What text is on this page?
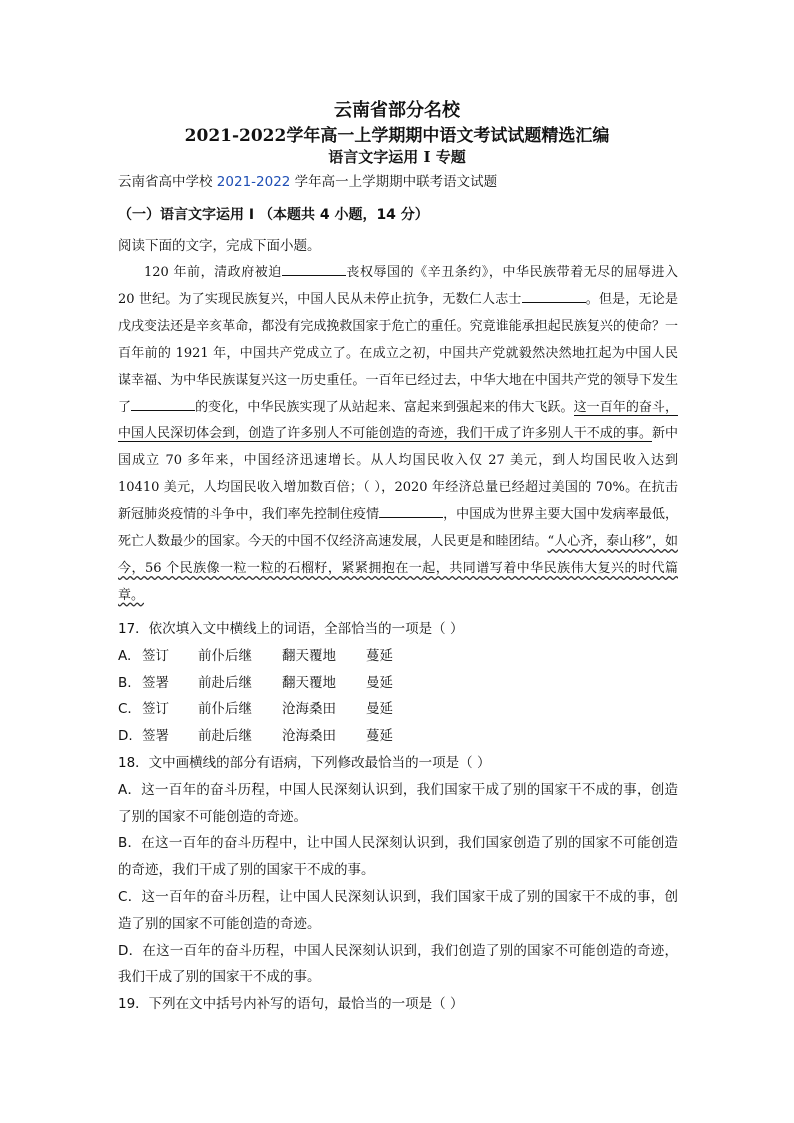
云南省部分名校
2021-2022学年高一上学期期中语文考试试题精选汇编
语言文字运用 I 专题
云南省高中学校 2021-2022 学年高一上学期期中联考语文试题
（一）语言文字运用 I （本题共 4 小题，14 分）
阅读下面的文字，完成下面小题。

120 年前，清政府被迫	丧权辱国的《辛丑条约》，中华民族带着无尽的屈辱进入 20 世纪。为了实现民族复兴，中国人民从未停止抗争，无数仁人志士	。但是，无论是戊戌变法还是辛亥革命，都没有完成挽救国家于危亡的重任。究竟谁能承担起民族复兴的使命？一百年前的 1921 年，中国共产党成立了。在成立之初，中国共产党就毅然决然地扛起为中国人民谋幸福、为中华民族谋复兴这一历史重任。一百年已经过去，中华大地在中国共产党的领导下发生了	的变化，中华民族实现了从站起来、富起来到强起来的伟大飞跃。这一百年的奋斗，中国人民深切体会到，创造了许多别人不可能创造的奇迹，我们干成了许多别人干不成的事。新中国成立 70 多年来，中国经济迅速增长。从人均国民收入仅 27 美元，到人均国民收入达到 10410 美元，人均国民收入增加数百倍；（ ），2020 年经济总量已经超过美国的 70%。在抗击新冠肺炎疫情的斗争中，我们率先控制住疫情	，中国成为世界主要大国中发病率最低，死亡人数最少的国家。今天的中国不仅经济高速发展，人民更是和睦团结。“人心齐，泰山移”，如今，56 个民族像一粒一粒的石榴籽，紧紧拥抱在一起，共同谱写着中华民族伟大复兴的时代篇章。

17．依次填入文中横线上的词语，全部恰当的一项是（ ）
A. 签订 前仆后继 翻天覆地 蔓延
B. 签署 前赴后继 翻天覆地 曼延
C. 签订 前仆后继 沧海桑田 曼延
D. 签署 前赴后继 沧海桑田 蔓延
18．文中画横线的部分有语病，下列修改最恰当的一项是（ ）
A．这一百年的奋斗历程，中国人民深刻认识到，我们国家干成了别的国家干不成的事，创造了别的国家不可能创造的奇迹。
B．在这一百年的奋斗历程中，让中国人民深刻认识到，我们国家创造了别的国家不可能创造的奇迹，我们干成了别的国家干不成的事。
C．这一百年的奋斗历程，让中国人民深刻认识到，我们国家干成了别的国家干不成的事，创造了别的国家不可能创造的奇迹。
D．在这一百年的奋斗历程，中国人民深刻认识到，我们创造了别的国家不可能创造的奇迹，我们干成了别的国家干不成的事。
19．下列在文中括号内补写的语句，最恰当的一项是（ ）
